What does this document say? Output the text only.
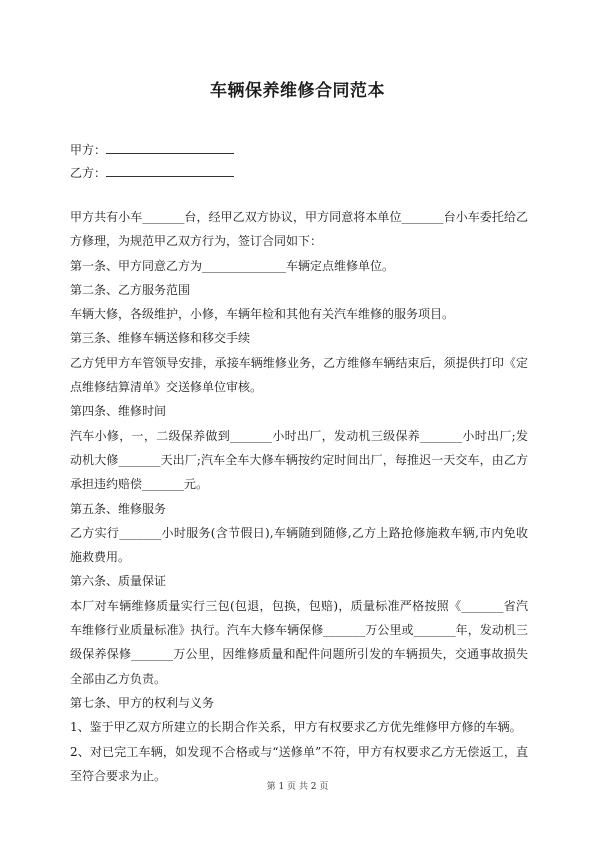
车辆保养维修合同范本
甲方：
乙方：

甲方共有小车_______台，经甲乙双方协议，甲方同意将本单位_______台小车委托给乙方修理，为规范甲乙双方行为，签订合同如下：

第一条、甲方同意乙方为______________车辆定点维修单位。

第二条、乙方服务范围

车辆大修，各级维护，小修，车辆年检和其他有关汽车维修的服务项目。

第三条、维修车辆送修和移交手续

乙方凭甲方车管领导安排，承接车辆维修业务，乙方维修车辆结束后，须提供打印《定点维修结算清单》交送修单位审核。

第四条、维修时间

汽车小修，一，二级保养做到_______小时出厂，发动机三级保养_______小时出厂;发动机大修_______天出厂;汽车全车大修车辆按约定时间出厂，每推迟一天交车，由乙方承担违约赔偿_______元。

第五条、维修服务

乙方实行_______小时服务(含节假日),车辆随到随修,乙方上路抢修施救车辆,市内免收施救费用。

第六条、质量保证

本厂对车辆维修质量实行三包(包退，包换，包赔)，质量标准严格按照《_______省汽车维修行业质量标准》执行。汽车大修车辆保修_______万公里或_______年，发动机三级保养保修_______万公里，因维修质量和配件问题所引发的车辆损失，交通事故损失全部由乙方负责。

第七条、甲方的权利与义务

1、鉴于甲乙双方所建立的长期合作关系，甲方有权要求乙方优先维修甲方修的车辆。

2、对已完工车辆，如发现不合格或与“送修单”不符，甲方有权要求乙方无偿返工，直至符合要求为止。

第 1 页 共 2 页
